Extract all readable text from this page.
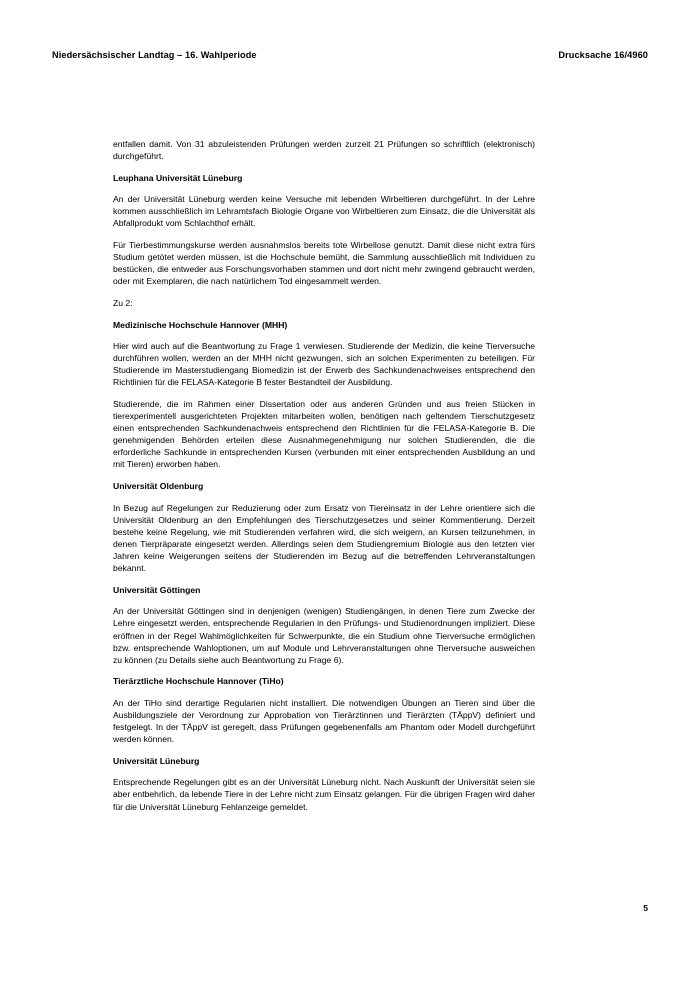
Niedersächsischer Landtag – 16. Wahlperiode	Drucksache 16/4960

entfallen damit. Von 31 abzuleistenden Prüfungen werden zurzeit 21 Prüfungen so schriftlich (elektronisch) durchgeführt.

Leuphana Universität Lüneburg

An der Universität Lüneburg werden keine Versuche mit lebenden Wirbeltieren durchgeführt. In der Lehre kommen ausschließlich im Lehramtsfach Biologie Organe von Wirbeltieren zum Einsatz, die die Universität als Abfallprodukt vom Schlachthof erhält.

Für Tierbestimmungskurse werden ausnahmslos bereits tote Wirbellose genutzt. Damit diese nicht extra fürs Studium getötet werden müssen, ist die Hochschule bemüht, die Sammlung ausschließlich mit Individuen zu bestücken, die entweder aus Forschungsvorhaben stammen und dort nicht mehr zwingend gebraucht werden, oder mit Exemplaren, die nach natürlichem Tod eingesammelt werden.

Zu 2:

Medizinische Hochschule Hannover (MHH)

Hier wird auch auf die Beantwortung zu Frage 1 verwiesen. Studierende der Medizin, die keine Tierversuche durchführen wollen, werden an der MHH nicht gezwungen, sich an solchen Experimenten zu beteiligen. Für Studierende im Masterstudiengang Biomedizin ist der Erwerb des Sachkundenachweises entsprechend den Richtlinien für die FELASA-Kategorie B fester Bestandteil der Ausbildung.

Studierende, die im Rahmen einer Dissertation oder aus anderen Gründen und aus freien Stücken in tierexperimentell ausgerichteten Projekten mitarbeiten wollen, benötigen nach geltendem Tierschutzgesetz einen entsprechenden Sachkundenachweis entsprechend den Richtlinien für die FELASA-Kategorie B. Die genehmigenden Behörden erteilen diese Ausnahmegenehmigung nur solchen Studierenden, die die erforderliche Sachkunde in entsprechenden Kursen (verbunden mit einer entsprechenden Ausbildung an und mit Tieren) erworben haben.

Universität Oldenburg

In Bezug auf Regelungen zur Reduzierung oder zum Ersatz von Tiereinsatz in der Lehre orientiere sich die Universität Oldenburg an den Empfehlungen des Tierschutzgesetzes und seiner Kommentierung. Derzeit bestehe keine Regelung, wie mit Studierenden verfahren wird, die sich weigern, an Kursen teilzunehmen, in denen Tierpräparate eingesetzt werden. Allerdings seien dem Studiengremium Biologie aus den letzten vier Jahren keine Weigerungen seitens der Studierenden im Bezug auf die betreffenden Lehrveranstaltungen bekannt.

Universität Göttingen

An der Universität Göttingen sind in denjenigen (wenigen) Studiengängen, in denen Tiere zum Zwecke der Lehre eingesetzt werden, entsprechende Regularien in den Prüfungs- und Studienordnungen impliziert. Diese eröffnen in der Regel Wahlmöglichkeiten für Schwerpunkte, die ein Studium ohne Tierversuche ermöglichen bzw. entsprechende Wahloptionen, um auf Module und Lehrveranstaltungen ohne Tierversuche ausweichen zu können (zu Details siehe auch Beantwortung zu Frage 6).

Tierärztliche Hochschule Hannover (TiHo)

An der TiHo sind derartige Regularien nicht installiert. Die notwendigen Übungen an Tieren sind über die Ausbildungsziele der Verordnung zur Approbation von Tierärztinnen und Tierärzten (TÄppV) definiert und festgelegt. In der TÄppV ist geregelt, dass Prüfungen gegebenenfalls am Phantom oder Modell durchgeführt werden können.

Universität Lüneburg

Entsprechende Regelungen gibt es an der Universität Lüneburg nicht. Nach Auskunft der Universität seien sie aber entbehrlich, da lebende Tiere in der Lehre nicht zum Einsatz gelangen. Für die übrigen Fragen wird daher für die Universität Lüneburg Fehlanzeige gemeldet.

5
